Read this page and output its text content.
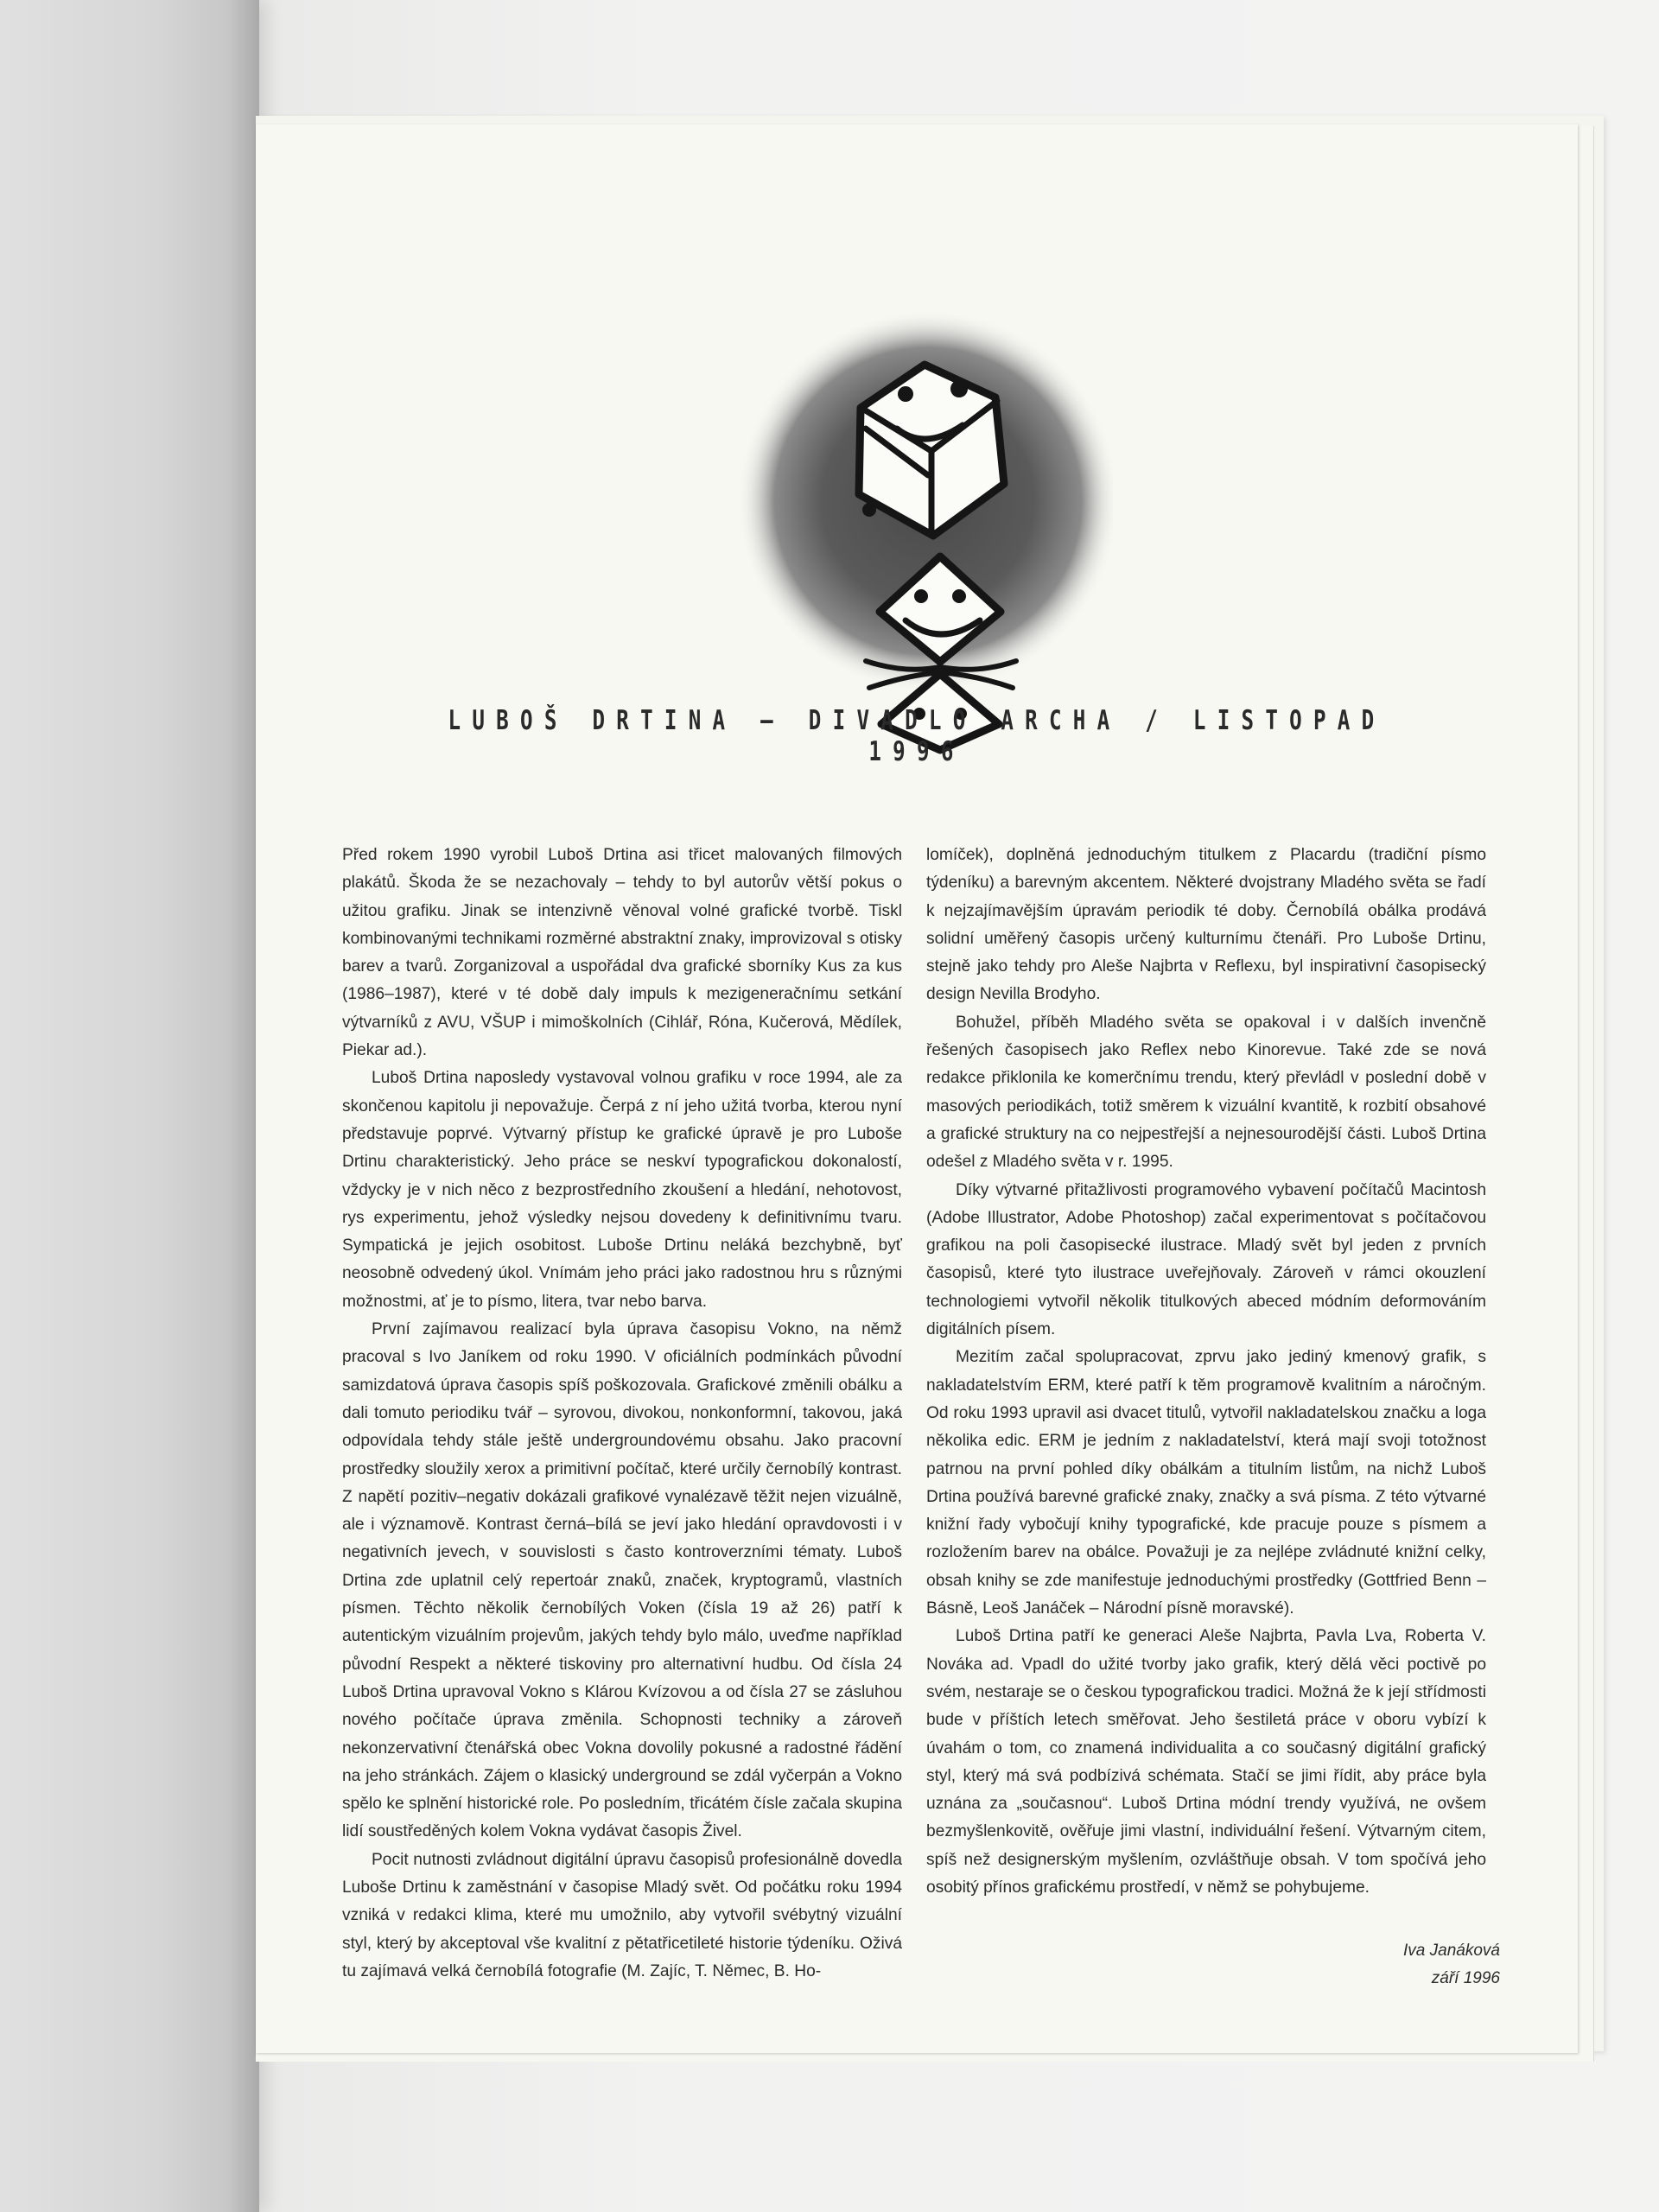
LUBOŠ DRTINA – DIVADLO ARCHA / LISTOPAD 1996

Před rokem 1990 vyrobil Luboš Drtina asi třicet malovaných filmových plakátů. Škoda že se nezachovaly – tehdy to byl autorův větší pokus o užitou grafiku. Jinak se intenzivně věnoval volné grafické tvorbě. Tiskl kombinovanými technikami rozměrné abstraktní znaky, improvizoval s otisky barev a tvarů. Zorganizoval a uspořádal dva grafické sborníky Kus za kus (1986–1987), které v té době daly impuls k mezigeneračnímu setkání výtvarníků z AVU, VŠUP i mimoškolních (Cihlář, Róna, Kučerová, Mědílek, Piekar ad.).

Luboš Drtina naposledy vystavoval volnou grafiku v roce 1994, ale za skončenou kapitolu ji nepovažuje. Čerpá z ní jeho užitá tvorba, kterou nyní představuje poprvé. Výtvarný přístup ke grafické úpravě je pro Luboše Drtinu charakteristický. Jeho práce se neskví typografickou dokonalostí, vždycky je v nich něco z bezprostředního zkoušení a hledání, nehotovost, rys experimentu, jehož výsledky nejsou dovedeny k definitivnímu tvaru. Sympatická je jejich osobitost. Luboše Drtinu neláká bezchybně, byť neosobně odvedený úkol. Vnímám jeho práci jako radostnou hru s různými možnostmi, ať je to písmo, litera, tvar nebo barva.

První zajímavou realizací byla úprava časopisu Vokno, na němž pracoval s Ivo Janíkem od roku 1990. V oficiálních podmínkách původní samizdatová úprava časopis spíš poškozovala. Grafickové změnili obálku a dali tomuto periodiku tvář – syrovou, divokou, nonkonformní, takovou, jaká odpovídala tehdy stále ještě undergroundovému obsahu. Jako pracovní prostředky sloužily xerox a primitivní počítač, které určily černobílý kontrast. Z napětí pozitiv–negativ dokázali grafikové vynalézavě těžit nejen vizuálně, ale i významově. Kontrast černá–bílá se jeví jako hledání opravdovosti i v negativních jevech, v souvislosti s často kontroverzními tématy. Luboš Drtina zde uplatnil celý repertoár znaků, značek, kryptogramů, vlastních písmen. Těchto několik černobílých Voken (čísla 19 až 26) patří k autentickým vizuálním projevům, jakých tehdy bylo málo, uveďme například původní Respekt a některé tiskoviny pro alternativní hudbu. Od čísla 24 Luboš Drtina upravoval Vokno s Klárou Kvízovou a od čísla 27 se zásluhou nového počítače úprava změnila. Schopnosti techniky a zároveň nekonzervativní čtenářská obec Vokna dovolily pokusné a radostné řádění na jeho stránkách. Zájem o klasický underground se zdál vyčerpán a Vokno spělo ke splnění historické role. Po posledním, třicátém čísle začala skupina lidí soustředěných kolem Vokna vydávat časopis Živel.

Pocit nutnosti zvládnout digitální úpravu časopisů profesionálně dovedla Luboše Drtinu k zaměstnání v časopise Mladý svět. Od počátku roku 1994 vzniká v redakci klima, které mu umožnilo, aby vytvořil svébytný vizuální styl, který by akceptoval vše kvalitní z pětatřicetileté historie týdeníku. Oživá tu zajímavá velká černobílá fotografie (M. Zajíc, T. Němec, B. Ho-

lomíček), doplněná jednoduchým titulkem z Placardu (tradiční písmo týdeníku) a barevným akcentem. Některé dvojstrany Mladého světa se řadí k nejzajímavějším úpravám periodik té doby. Černobílá obálka prodává solidní uměřený časopis určený kulturnímu čtenáři. Pro Luboše Drtinu, stejně jako tehdy pro Aleše Najbrta v Reflexu, byl inspirativní časopisecký design Nevilla Brodyho.

Bohužel, příběh Mladého světa se opakoval i v dalších invenčně řešených časopisech jako Reflex nebo Kinorevue. Také zde se nová redakce přiklonila ke komerčnímu trendu, který převládl v poslední době v masových periodikách, totiž směrem k vizuální kvantitě, k rozbití obsahové a grafické struktury na co nejpestřejší a nejnesourodější části. Luboš Drtina odešel z Mladého světa v r. 1995.

Díky výtvarné přitažlivosti programového vybavení počítačů Macintosh (Adobe Illustrator, Adobe Photoshop) začal experimentovat s počítačovou grafikou na poli časopisecké ilustrace. Mladý svět byl jeden z prvních časopisů, které tyto ilustrace uveřejňovaly. Zároveň v rámci okouzlení technologiemi vytvořil několik titulkových abeced módním deformováním digitálních písem.

Mezitím začal spolupracovat, zprvu jako jediný kmenový grafik, s nakladatelstvím ERM, které patří k těm programově kvalitním a náročným. Od roku 1993 upravil asi dvacet titulů, vytvořil nakladatelskou značku a loga několika edic. ERM je jedním z nakladatelství, která mají svoji totožnost patrnou na první pohled díky obálkám a titulním listům, na nichž Luboš Drtina používá barevné grafické znaky, značky a svá písma. Z této výtvarné knižní řady vybočují knihy typografické, kde pracuje pouze s písmem a rozložením barev na obálce. Považuji je za nejlépe zvládnuté knižní celky, obsah knihy se zde manifestuje jednoduchými prostředky (Gottfried Benn – Básně, Leoš Janáček – Národní písně moravské).

Luboš Drtina patří ke generaci Aleše Najbrta, Pavla Lva, Roberta V. Nováka ad. Vpadl do užité tvorby jako grafik, který dělá věci poctivě po svém, nestaraje se o českou typografickou tradici. Možná že k její střídmosti bude v příštích letech směřovat. Jeho šestiletá práce v oboru vybízí k úvahám o tom, co znamená individualita a co současný digitální grafický styl, který má svá podbízivá schémata. Stačí se jimi řídit, aby práce byla uznána za „současnou“. Luboš Drtina módní trendy využívá, ne ovšem bezmyšlenkovitě, ověřuje jimi vlastní, individuální řešení. Výtvarným citem, spíš než designerským myšlením, ozvláštňuje obsah. V tom spočívá jeho osobitý přínos grafickému prostředí, v němž se pohybujeme.

Iva Janáková
září 1996
